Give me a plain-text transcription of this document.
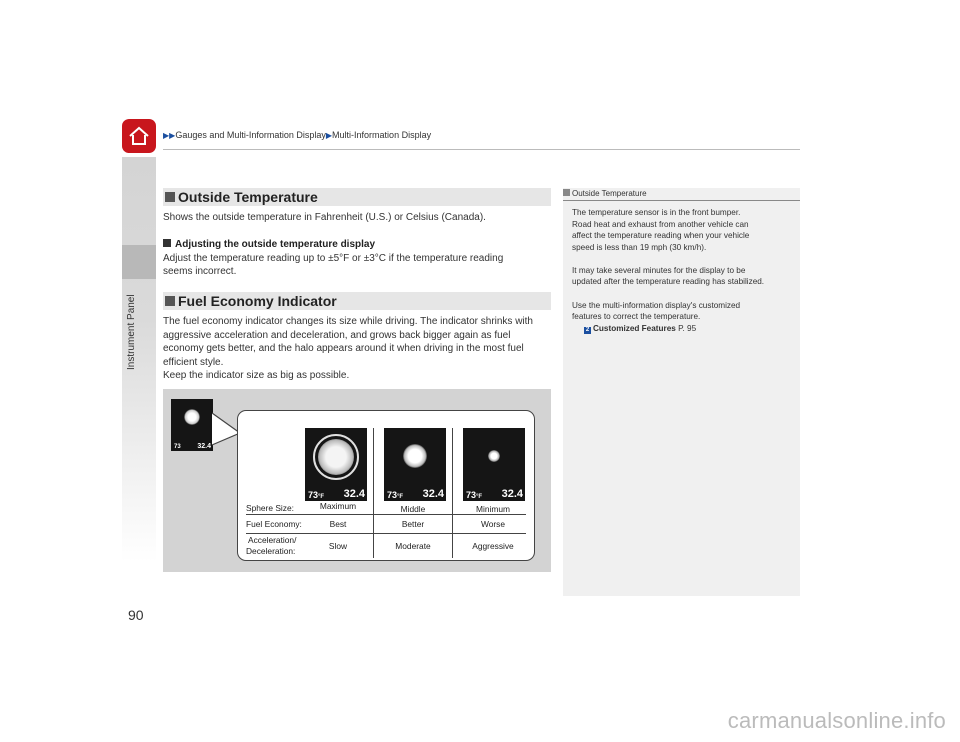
Instrument Panel
▶▶Gauges and Multi-Information Display▶Multi-Information Display
Outside Temperature
Shows the outside temperature in Fahrenheit (U.S.) or Celsius (Canada).
Adjusting the outside temperature display
Adjust the temperature reading up to ±5°F or ±3°C if the temperature reading
seems incorrect.
Fuel Economy Indicator
The fuel economy indicator changes its size while driving. The indicator shrinks with
aggressive acceleration and deceleration, and grows back bigger again as fuel
economy gets better, and the halo appears around it when driving in the most fuel
efficient style.
Keep the indicator size as big as possible.
Outside Temperature

The temperature sensor is in the front bumper.
Road heat and exhaust from another vehicle can
affect the temperature reading when your vehicle
speed is less than 19 mph (30 km/h).

It may take several minutes for the display to be
updated after the temperature reading has stabilized.

Use the multi-information display's customized
features to correct the temperature.
2 Customized Features P. 95

73 32.4
73°F 32.4 73°F 32.4 73°F 32.4
Sphere Size:
Fuel Economy:
Acceleration/
Deceleration:
Maximum
Best
Slow
Middle
Better
Moderate
Minimum
Worse
Aggressive
90
carmanualsonline.info
